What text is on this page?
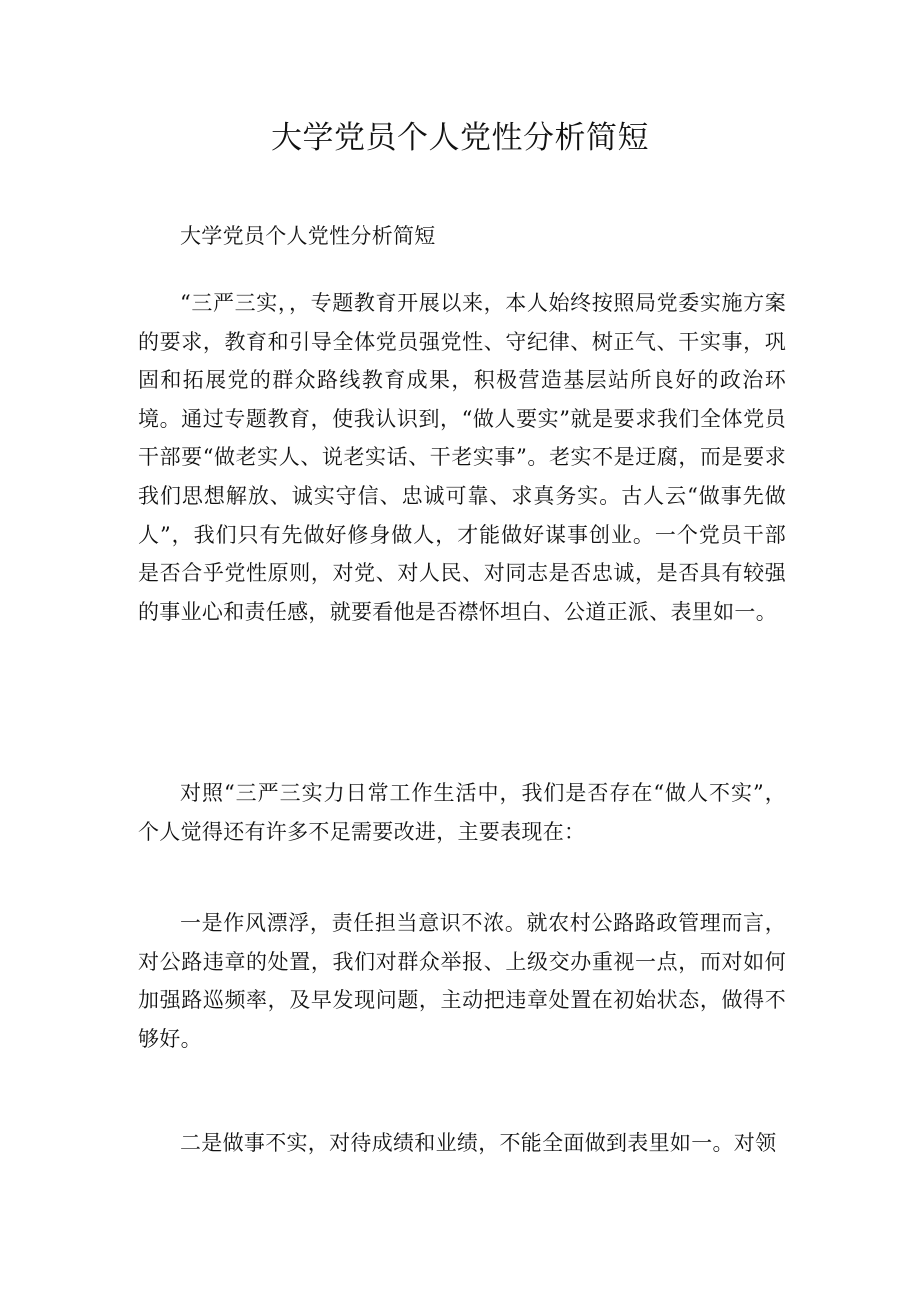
大学党员个人党性分析简短

大学党员个人党性分析简短

“三严三实，，专题教育开展以来，本人始终按照局党委实施方案的要求，教育和引导全体党员强党性、守纪律、树正气、干实事，巩固和拓展党的群众路线教育成果，积极营造基层站所良好的政治环境。通过专题教育，使我认识到，“做人要实”就是要求我们全体党员干部要“做老实人、说老实话、干老实事”。老实不是迂腐，而是要求我们思想解放、诚实守信、忠诚可靠、求真务实。古人云“做事先做人”，我们只有先做好修身做人，才能做好谋事创业。一个党员干部是否合乎党性原则，对党、对人民、对同志是否忠诚，是否具有较强的事业心和责任感，就要看他是否襟怀坦白、公道正派、表里如一。

对照“三严三实力日常工作生活中，我们是否存在“做人不实”，个人觉得还有许多不足需要改进，主要表现在：

一是作风漂浮，责任担当意识不浓。就农村公路路政管理而言，对公路违章的处置，我们对群众举报、上级交办重视一点，而对如何加强路巡频率，及早发现问题，主动把违章处置在初始状态，做得不够好。

二是做事不实，对待成绩和业绩，不能全面做到表里如一。对领
